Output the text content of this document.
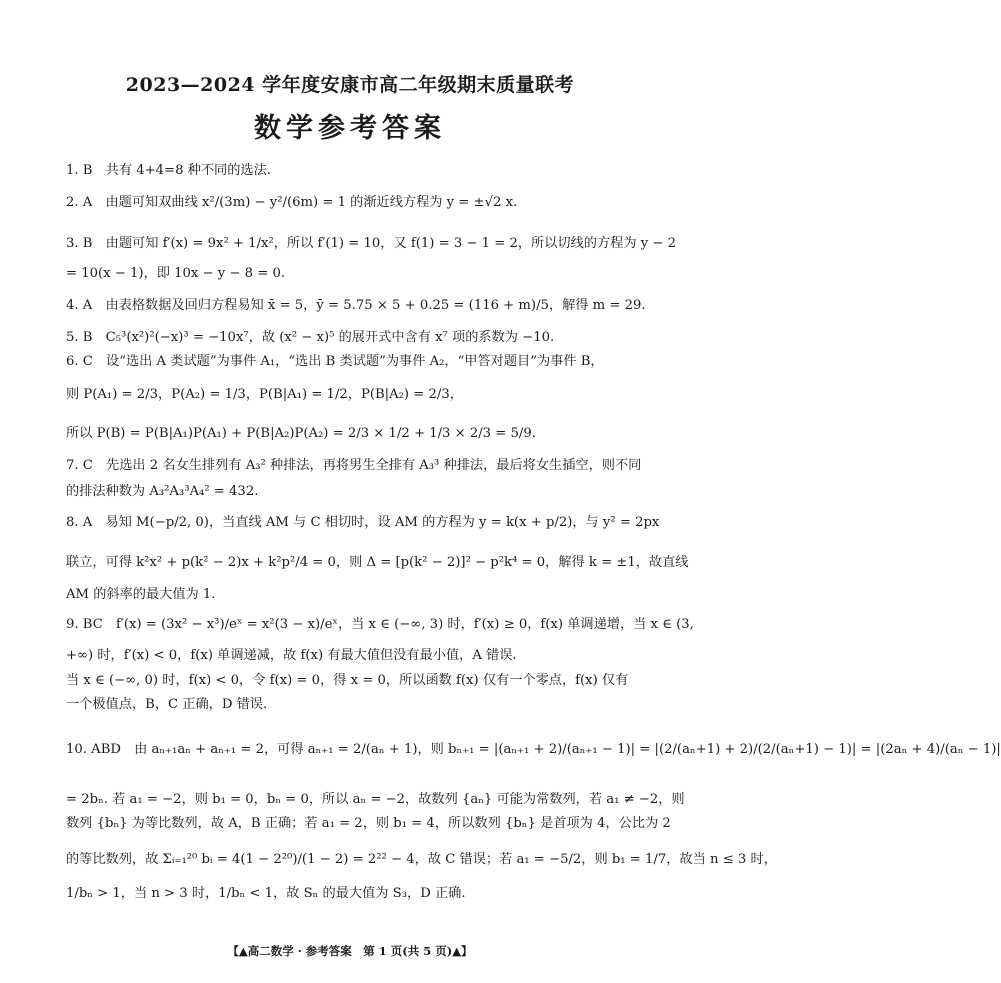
2023—2024 学年度安康市高二年级期末质量联考
数学参考答案
1. B　共有 4+4=8 种不同的选法.
2. A　由题可知双曲线 x²/(3m) − y²/(6m) = 1 的渐近线方程为 y = ±√2 x.
3. B　由题可知 f′(x) = 9x² + 1/x²，所以 f′(1) = 10，又 f(1) = 3 − 1 = 2，所以切线的方程为 y − 2
= 10(x − 1)，即 10x − y − 8 = 0.
4. A　由表格数据及回归方程易知 x̄ = 5，ȳ = 5.75 × 5 + 0.25 = (116 + m)/5，解得 m = 29.
5. B　C₅³(x²)²(−x)³ = −10x⁷，故 (x² − x)⁵ 的展开式中含有 x⁷ 项的系数为 −10.
6. C　设“选出 A 类试题”为事件 A₁，“选出 B 类试题”为事件 A₂，“甲答对题目”为事件 B，
则 P(A₁) = 2/3，P(A₂) = 1/3，P(B|A₁) = 1/2，P(B|A₂) = 2/3，
所以 P(B) = P(B|A₁)P(A₁) + P(B|A₂)P(A₂) = 2/3 × 1/2 + 1/3 × 2/3 = 5/9.
7. C　先选出 2 名女生排列有 A₃² 种排法，再将男生全排有 A₃³ 种排法，最后将女生插空，则不同
的排法种数为 A₃²A₃³A₄² = 432.
8. A　易知 M(−p/2, 0)，当直线 AM 与 C 相切时，设 AM 的方程为 y = k(x + p/2)，与 y² = 2px
联立，可得 k²x² + p(k² − 2)x + k²p²/4 = 0，则 Δ = [p(k² − 2)]² − p²k⁴ = 0，解得 k = ±1，故直线
AM 的斜率的最大值为 1.
9. BC　f′(x) = (3x² − x³)/eˣ = x²(3 − x)/eˣ，当 x ∈ (−∞, 3) 时，f′(x) ≥ 0，f(x) 单调递增，当 x ∈ (3,
+∞) 时，f′(x) < 0，f(x) 单调递减，故 f(x) 有最大值但没有最小值，A 错误.
当 x ∈ (−∞, 0) 时，f(x) < 0，令 f(x) = 0，得 x = 0，所以函数 f(x) 仅有一个零点，f(x) 仅有
一个极值点，B，C 正确，D 错误.
10. ABD　由 aₙ₊₁aₙ + aₙ₊₁ = 2，可得 aₙ₊₁ = 2/(aₙ + 1)，则 bₙ₊₁ = |(aₙ₊₁ + 2)/(aₙ₊₁ − 1)| = |(2/(aₙ+1) + 2)/(2/(aₙ+1) − 1)| = |(2aₙ + 4)/(aₙ − 1)|
= 2bₙ. 若 a₁ = −2，则 b₁ = 0，bₙ = 0，所以 aₙ = −2，故数列 {aₙ} 可能为常数列，若 a₁ ≠ −2，则
数列 {bₙ} 为等比数列，故 A，B 正确；若 a₁ = 2，则 b₁ = 4，所以数列 {bₙ} 是首项为 4，公比为 2
的等比数列，故 Σᵢ₌₁²⁰ bᵢ = 4(1 − 2²⁰)/(1 − 2) = 2²² − 4，故 C 错误；若 a₁ = −5/2，则 b₁ = 1/7，故当 n ≤ 3 时，
1/bₙ > 1，当 n > 3 时，1/bₙ < 1，故 Sₙ 的最大值为 S₃，D 正确.
【▲高二数学 · 参考答案　第 1 页(共 5 页)▲】
